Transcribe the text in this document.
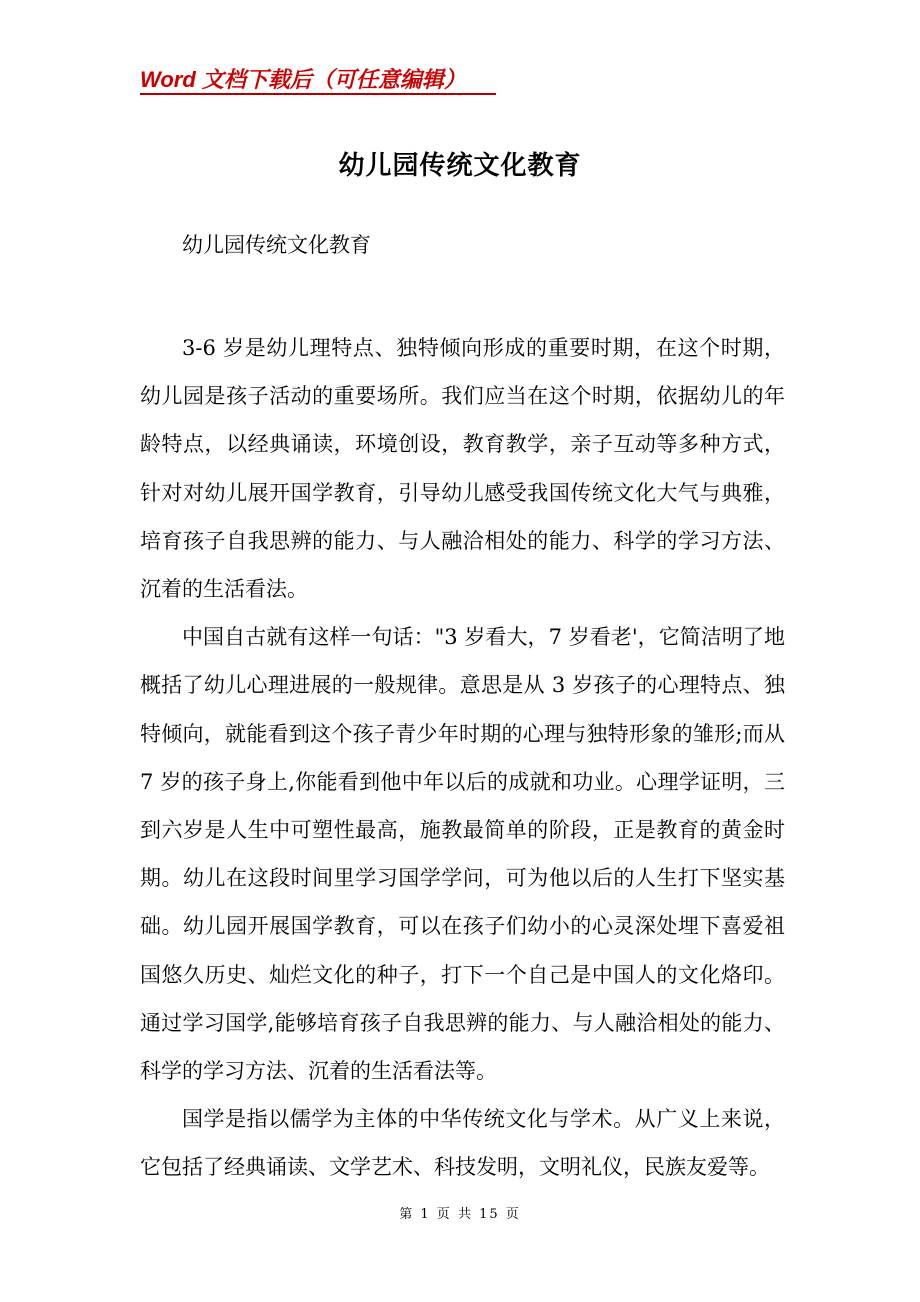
Word 文档下载后（可任意编辑）
幼儿园传统文化教育
幼儿园传统文化教育

3-6 岁是幼儿理特点、独特倾向形成的重要时期，在这个时期，幼儿园是孩子活动的重要场所。我们应当在这个时期，依据幼儿的年龄特点，以经典诵读，环境创设，教育教学，亲子互动等多种方式，针对对幼儿展开国学教育，引导幼儿感受我国传统文化大气与典雅，培育孩子自我思辨的能力、与人融洽相处的能力、科学的学习方法、沉着的生活看法。

中国自古就有这样一句话："3 岁看大，7 岁看老'，它简洁明了地概括了幼儿心理进展的一般规律。意思是从 3 岁孩子的心理特点、独特倾向，就能看到这个孩子青少年时期的心理与独特形象的雏形;而从 7 岁的孩子身上,你能看到他中年以后的成就和功业。心理学证明，三到六岁是人生中可塑性最高，施教最简单的阶段，正是教育的黄金时期。幼儿在这段时间里学习国学学问，可为他以后的人生打下坚实基础。幼儿园开展国学教育，可以在孩子们幼小的心灵深处埋下喜爱祖国悠久历史、灿烂文化的种子，打下一个自己是中国人的文化烙印。通过学习国学,能够培育孩子自我思辨的能力、与人融洽相处的能力、科学的学习方法、沉着的生活看法等。

国学是指以儒学为主体的中华传统文化与学术。从广义上来说，它包括了经典诵读、文学艺术、科技发明，文明礼仪，民族友爱等。

第 1 页 共 15 页
